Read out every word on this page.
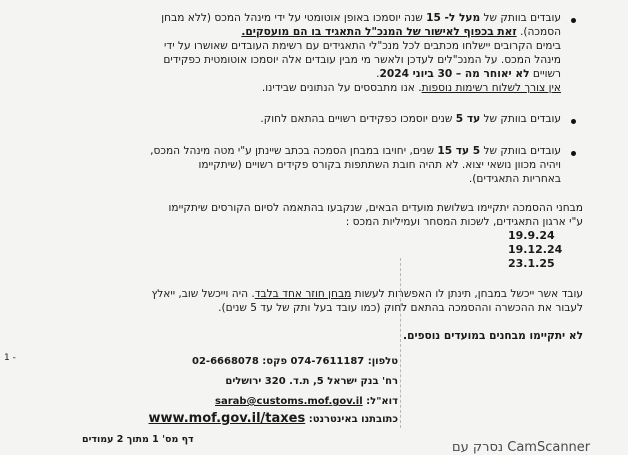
עובדים בוותק של מעל ל- 15 שנה יוסמכו באופן אוטומטי על ידי מינהל המכס (ללא מבחן
הסמכה). זאת בכפוף לאישור של המנכ"ל התאגיד בו הם מועסקים.
בימים הקרובים יישלחו מכתבים לכל מנכ"לי התאגידים עם רשימת העובדים שאושרו על ידי
מינהל המכס. על המנכ"לים לעדכן ולאשר מי מבין עובדים אלה יוסמכו אוטומטית כפקידים
רשויים לא יאוחר מה – 30 ביוני 2024.
אין צורך לשלוח רשימות נוספות. אנו מתבססים על הנתונים שבידינו.
עובדים בוותק של עד 5 שנים יוסמכו כפקידים רשויים בהתאם לחוק.
עובדים בוותק של 5 עד 15 שנים, יחויבו במבחן הסמכה בכתב שיינתן ע"י מטה מינהל המכס,
ויהיה מכוון נושאי יצוא. לא תהיה חובת השתתפות בקורס פקידים רשויים (שיתקיימו
באחריות התאגידים).
מבחני ההסמכה יתקיימו בשלושת מועדים הבאים, שנקבעו בהתאמה לסיום הקורסים שיתקיימו
ע"י ארגון התאגידים, לשכות המסחר ועמיליות המכס :
19.9.24
19.12.24
23.1.25
עובד אשר ייכשל במבחן, תינתן לו האפשרות לעשות מבחן חוזר אחד בלבד. היה וייכשל שוב, ייאלץ
לעבור את ההכשרה וההסמכה בהתאם לחוק (כמו עובד בעל ותק של עד 5 שנים).
לא יתקיימו מבחנים במועדים נוספים.
1 -	טלפון: 074-7611187 פקס: 02-6668078
רח' בנק ישראל 5, ת.ד. 320 ירושלים
דוא"ל: sarab@customs.mof.gov.il
כתובתנו באינטרנט: www.mof.gov.il/taxes
דף מס' 1 מתוך 2 עמודים
נסרק עם CamScanner
